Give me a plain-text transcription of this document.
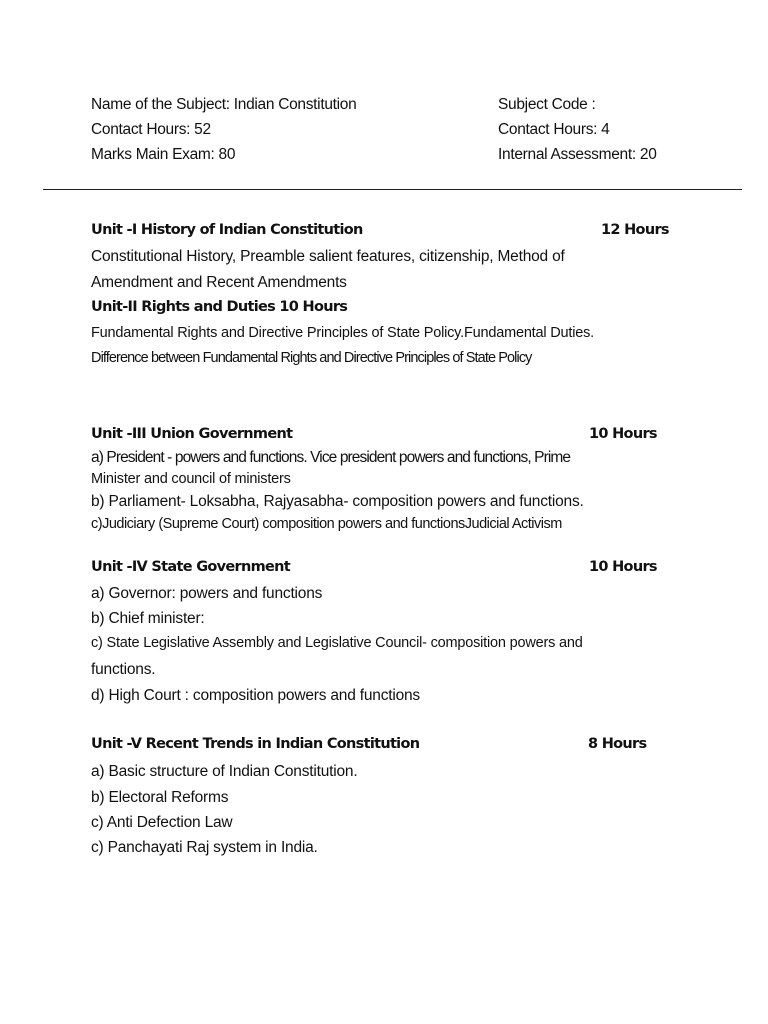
Name of the Subject: Indian Constitution	Subject Code :
Contact Hours: 52	Contact Hours: 4
Marks Main Exam: 80	Internal Assessment: 20
Unit -I History of Indian Constitution	12 Hours
Constitutional History, Preamble salient features, citizenship, Method of
Amendment and Recent Amendments
Unit-II Rights and Duties 10 Hours
Fundamental Rights and Directive Principles of State Policy.Fundamental Duties.
Difference between Fundamental Rights and Directive Principles of State Policy
Unit -III Union Government	10 Hours
a) President - powers and functions. Vice president powers and functions, Prime
Minister and council of ministers
b) Parliament- Loksabha, Rajyasabha- composition powers and functions.
c)Judiciary (Supreme Court) composition powers and functionsJudicial Activism
Unit -IV State Government	10 Hours
a) Governor: powers and functions
b) Chief minister:
c) State Legislative Assembly and Legislative Council- composition powers and
functions.
d) High Court : composition powers and functions
Unit -V Recent Trends in Indian Constitution	8 Hours
a) Basic structure of Indian Constitution.
b) Electoral Reforms
c) Anti Defection Law
c) Panchayati Raj system in India.
